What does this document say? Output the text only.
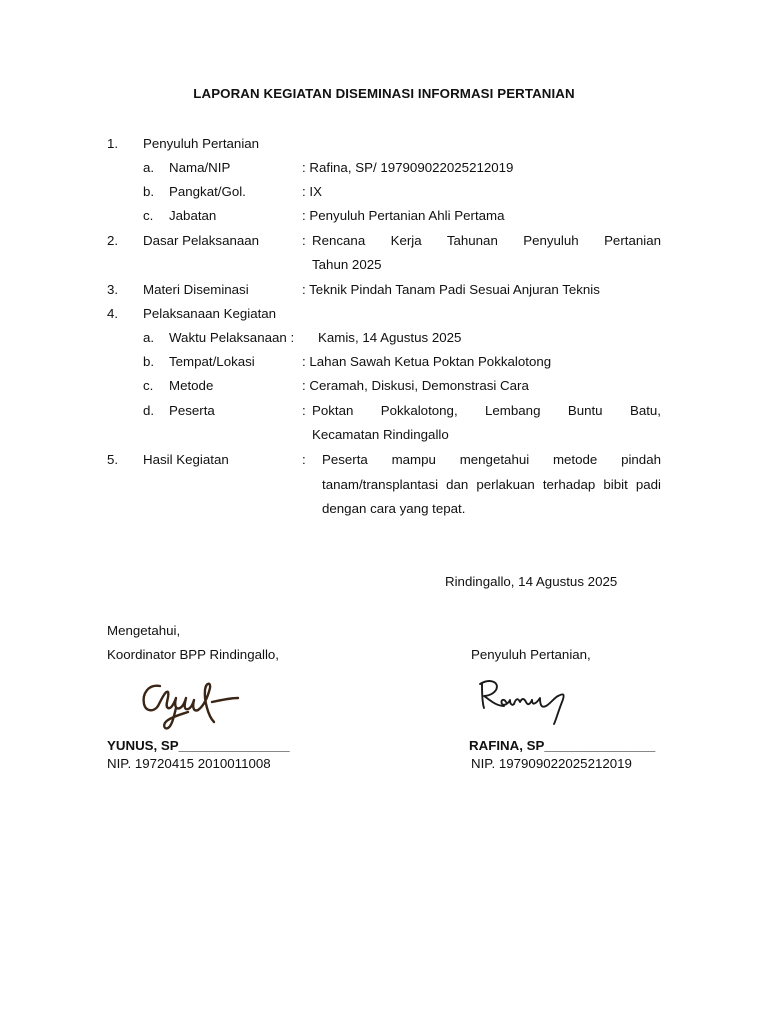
LAPORAN KEGIATAN DISEMINASI INFORMASI PERTANIAN
1. Penyuluh Pertanian
a. Nama/NIP	: Rafina, SP/ 197909022025212019
b. Pangkat/Gol.	: IX
c. Jabatan	: Penyuluh Pertanian Ahli Pertama
2. Dasar Pelaksanaan	: Rencana Kerja Tahunan Penyuluh Pertanian
Tahun 2025
3. Materi Diseminasi	: Teknik Pindah Tanam Padi Sesuai Anjuran Teknis
4. Pelaksanaan Kegiatan
a. Waktu Pelaksanaan : Kamis, 14 Agustus 2025
b. Tempat/Lokasi	: Lahan Sawah Ketua Poktan Pokkalotong
c. Metode	: Ceramah, Diskusi, Demonstrasi Cara
d. Peserta	: Poktan Pokkalotong, Lembang Buntu Batu,
Kecamatan Rindingallo
5. Hasil Kegiatan	: Peserta mampu mengetahui metode pindah tanam/transplantasi dan perlakuan terhadap bibit padi dengan cara yang tepat.
Rindingallo, 14 Agustus 2025
Mengetahui,
Koordinator BPP Rindingallo,
YUNUS, SP_______________
NIP. 19720415 2010011008
Penyuluh Pertanian,
RAFINA, SP_______________
NIP. 197909022025212019
